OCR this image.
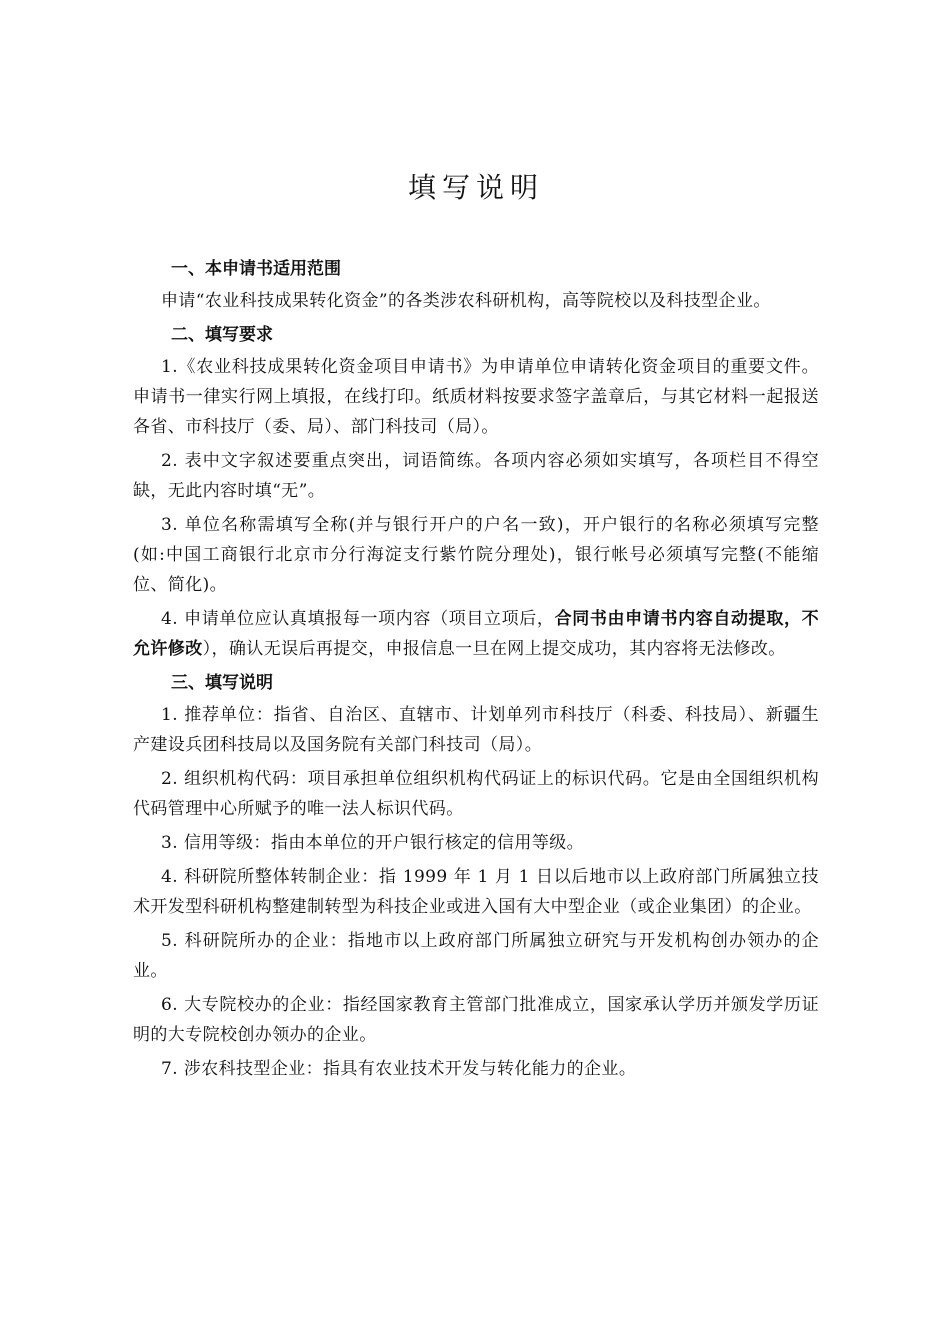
填写说明
一、本申请书适用范围

申请“农业科技成果转化资金”的各类涉农科研机构，高等院校以及科技型企业。

二、填写要求

1.《农业科技成果转化资金项目申请书》为申请单位申请转化资金项目的重要文件。申请书一律实行网上填报，在线打印。纸质材料按要求签字盖章后，与其它材料一起报送各省、市科技厅（委、局）、部门科技司（局）。

2. 表中文字叙述要重点突出，词语简练。各项内容必须如实填写，各项栏目不得空缺，无此内容时填“无”。

3. 单位名称需填写全称(并与银行开户的户名一致)，开户银行的名称必须填写完整(如:中国工商银行北京市分行海淀支行紫竹院分理处)，银行帐号必须填写完整(不能缩位、简化)。

4. 申请单位应认真填报每一项内容（项目立项后，合同书由申请书内容自动提取，不允许修改），确认无误后再提交，申报信息一旦在网上提交成功，其内容将无法修改。

三、填写说明

1. 推荐单位：指省、自治区、直辖市、计划单列市科技厅（科委、科技局）、新疆生产建设兵团科技局以及国务院有关部门科技司（局）。

2. 组织机构代码：项目承担单位组织机构代码证上的标识代码。它是由全国组织机构代码管理中心所赋予的唯一法人标识代码。

3. 信用等级：指由本单位的开户银行核定的信用等级。

4. 科研院所整体转制企业：指 1999 年 1 月 1 日以后地市以上政府部门所属独立技术开发型科研机构整建制转型为科技企业或进入国有大中型企业（或企业集团）的企业。

5. 科研院所办的企业：指地市以上政府部门所属独立研究与开发机构创办领办的企业。

6. 大专院校办的企业：指经国家教育主管部门批准成立，国家承认学历并颁发学历证明的大专院校创办领办的企业。

7. 涉农科技型企业：指具有农业技术开发与转化能力的企业。
